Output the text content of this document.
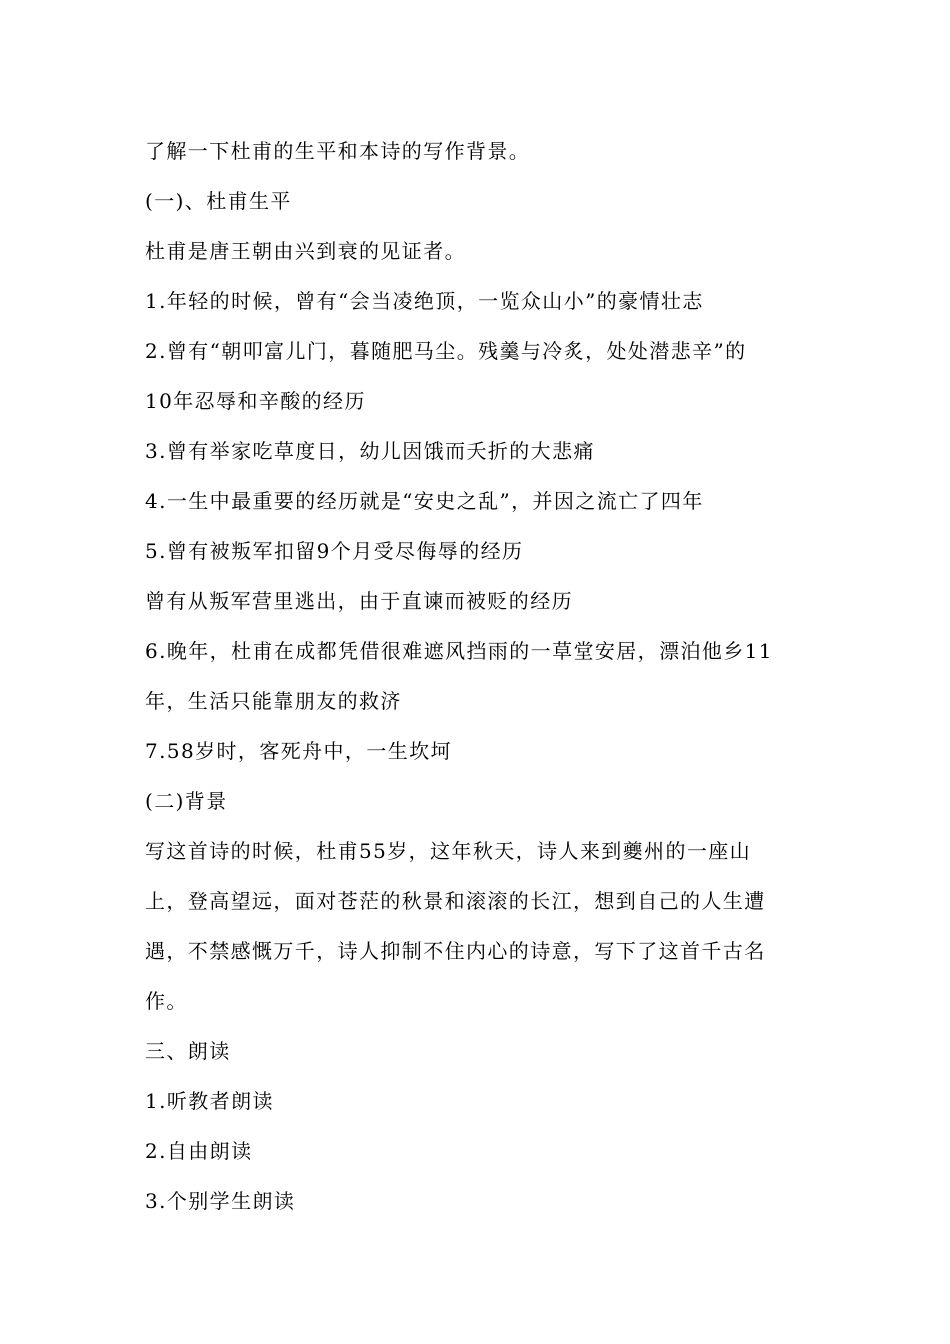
了解一下杜甫的生平和本诗的写作背景。
(一)、杜甫生平
杜甫是唐王朝由兴到衰的见证者。
1.年轻的时候，曾有“会当凌绝顶，一览众山小”的豪情壮志
2.曾有“朝叩富儿门，暮随肥马尘。残羹与冷炙，处处潜悲辛”的
10年忍辱和辛酸的经历
3.曾有举家吃草度日，幼儿因饿而夭折的大悲痛
4.一生中最重要的经历就是“安史之乱”，并因之流亡了四年
5.曾有被叛军扣留9个月受尽侮辱的经历
曾有从叛军营里逃出，由于直谏而被贬的经历
6.晚年，杜甫在成都凭借很难遮风挡雨的一草堂安居，漂泊他乡11
年，生活只能靠朋友的救济
7.58岁时，客死舟中，一生坎坷
(二)背景
写这首诗的时候，杜甫55岁，这年秋天，诗人来到夔州的一座山
上，登高望远，面对苍茫的秋景和滚滚的长江，想到自己的人生遭
遇，不禁感慨万千，诗人抑制不住内心的诗意，写下了这首千古名
作。
三、朗读
1.听教者朗读
2.自由朗读
3.个别学生朗读
